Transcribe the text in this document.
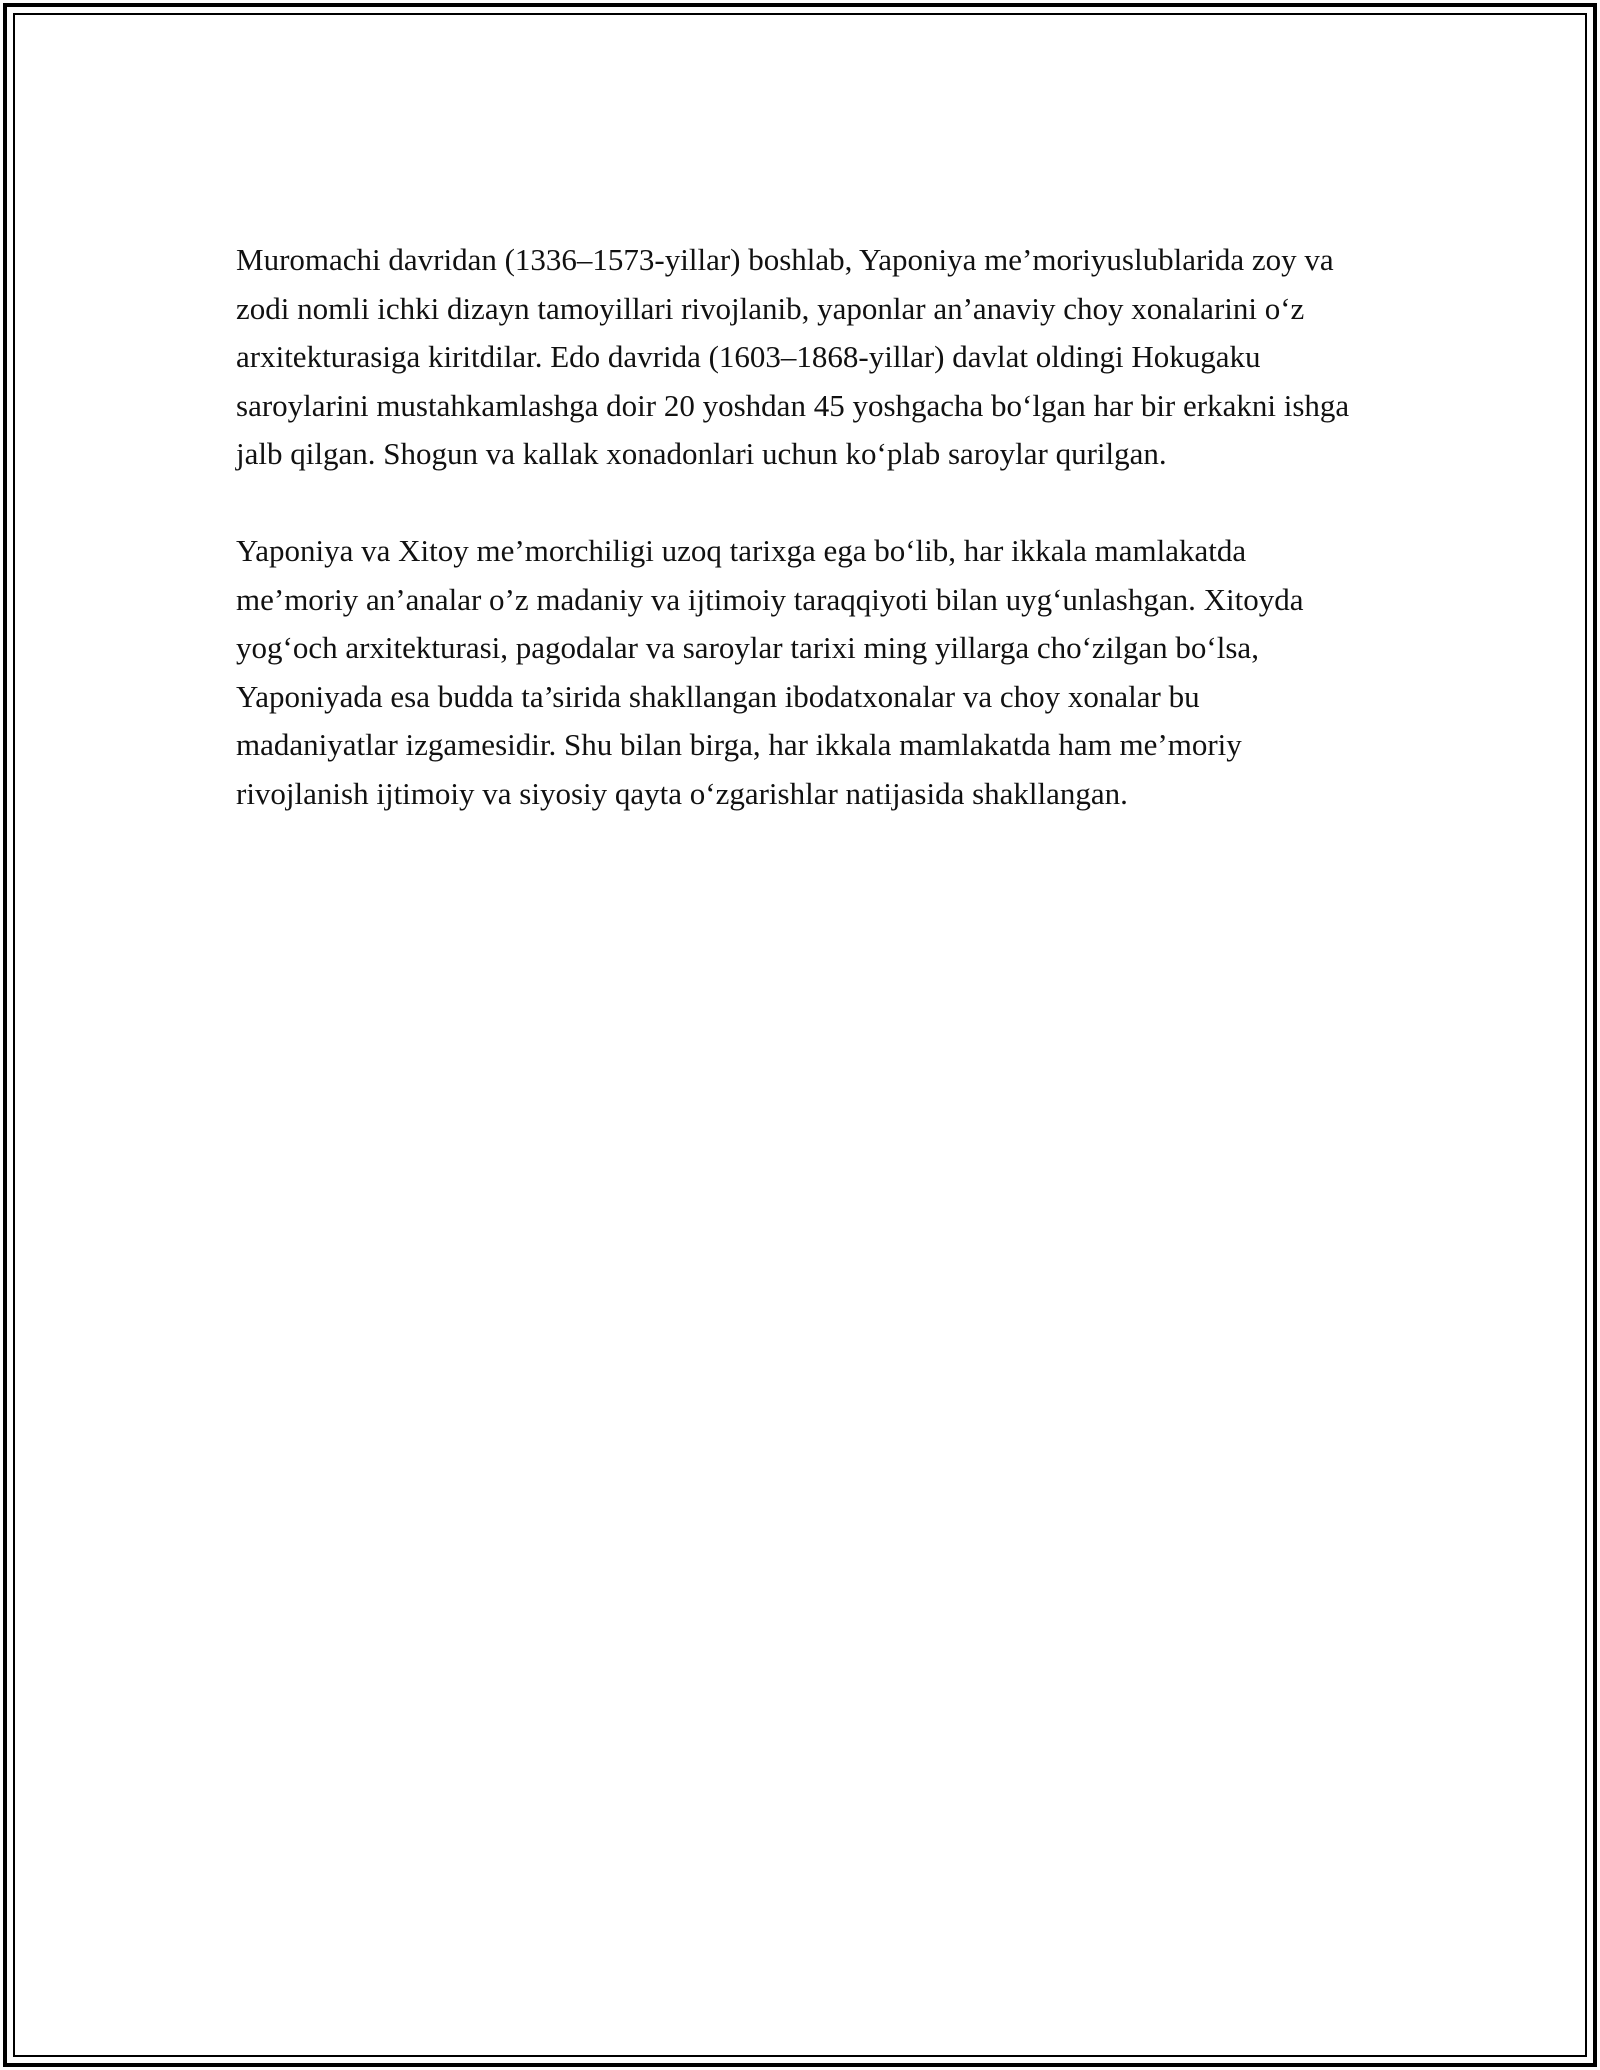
Muromachi davridan (1336–1573-yillar) boshlab, Yaponiya me’moriyuslublarida zoy va zodi nomli ichki dizayn tamoyillari rivojlanib, yaponlar an’anaviy choy xonalarini o‘z arxitekturasiga kiritdilar. Edo davrida (1603–1868-yillar) davlat oldingi Hokugaku saroylarini mustahkamlashga doir 20 yoshdan 45 yoshgacha bo‘lgan har bir erkakni ishga jalb qilgan. Shogun va kallak xonadonlari uchun ko‘plab saroylar qurilgan.

Yaponiya va Xitoy me’morchiligi uzoq tarixga ega bo‘lib, har ikkala mamlakatda me’moriy an’analar o’z madaniy va ijtimoiy taraqqiyoti bilan uyg‘unlashgan. Xitoyda yog‘och arxitekturasi, pagodalar va saroylar tarixi ming yillarga cho‘zilgan bo‘lsa, Yaponiyada esa budda ta’sirida shakllangan ibodatxonalar va choy xonalar bu madaniyatlar izgamesidir. Shu bilan birga, har ikkala mamlakatda ham me’moriy rivojlanish ijtimoiy va siyosiy qayta o‘zgarishlar natijasida shakllangan.
